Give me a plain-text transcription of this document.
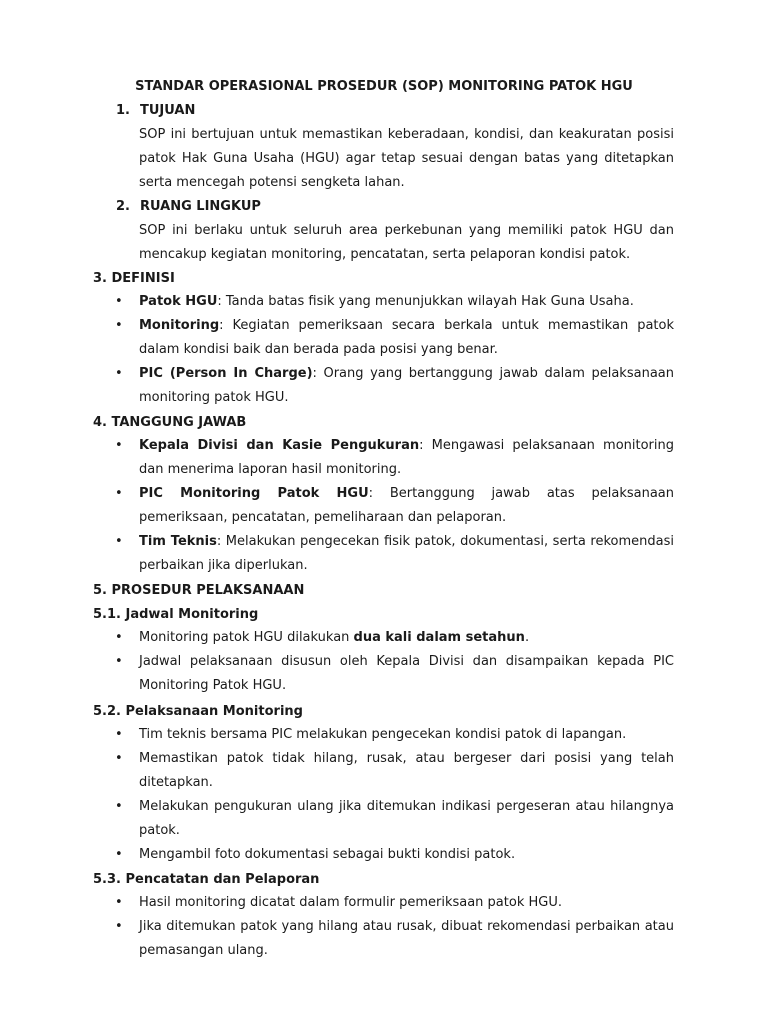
STANDAR OPERASIONAL PROSEDUR (SOP) MONITORING PATOK HGU
1. TUJUAN

SOP ini bertujuan untuk memastikan keberadaan, kondisi, dan keakuratan posisi patok Hak Guna Usaha (HGU) agar tetap sesuai dengan batas yang ditetapkan serta mencegah potensi sengketa lahan.

2. RUANG LINGKUP

SOP ini berlaku untuk seluruh area perkebunan yang memiliki patok HGU dan mencakup kegiatan monitoring, pencatatan, serta pelaporan kondisi patok.

3. DEFINISI
• Patok HGU: Tanda batas fisik yang menunjukkan wilayah Hak Guna Usaha.
• Monitoring: Kegiatan pemeriksaan secara berkala untuk memastikan patok dalam kondisi baik dan berada pada posisi yang benar.
• PIC (Person In Charge): Orang yang bertanggung jawab dalam pelaksanaan monitoring patok HGU.
4. TANGGUNG JAWAB
• Kepala Divisi dan Kasie Pengukuran: Mengawasi pelaksanaan monitoring dan menerima laporan hasil monitoring.
• PIC Monitoring Patok HGU: Bertanggung jawab atas pelaksanaan pemeriksaan, pencatatan, pemeliharaan dan pelaporan.
• Tim Teknis: Melakukan pengecekan fisik patok, dokumentasi, serta rekomendasi perbaikan jika diperlukan.
5. PROSEDUR PELAKSANAAN
5.1. Jadwal Monitoring
• Monitoring patok HGU dilakukan dua kali dalam setahun.
• Jadwal pelaksanaan disusun oleh Kepala Divisi dan disampaikan kepada PIC Monitoring Patok HGU.
5.2. Pelaksanaan Monitoring
• Tim teknis bersama PIC melakukan pengecekan kondisi patok di lapangan.
• Memastikan patok tidak hilang, rusak, atau bergeser dari posisi yang telah ditetapkan.
• Melakukan pengukuran ulang jika ditemukan indikasi pergeseran atau hilangnya patok.
• Mengambil foto dokumentasi sebagai bukti kondisi patok.
5.3. Pencatatan dan Pelaporan
• Hasil monitoring dicatat dalam formulir pemeriksaan patok HGU.
• Jika ditemukan patok yang hilang atau rusak, dibuat rekomendasi perbaikan atau pemasangan ulang.
